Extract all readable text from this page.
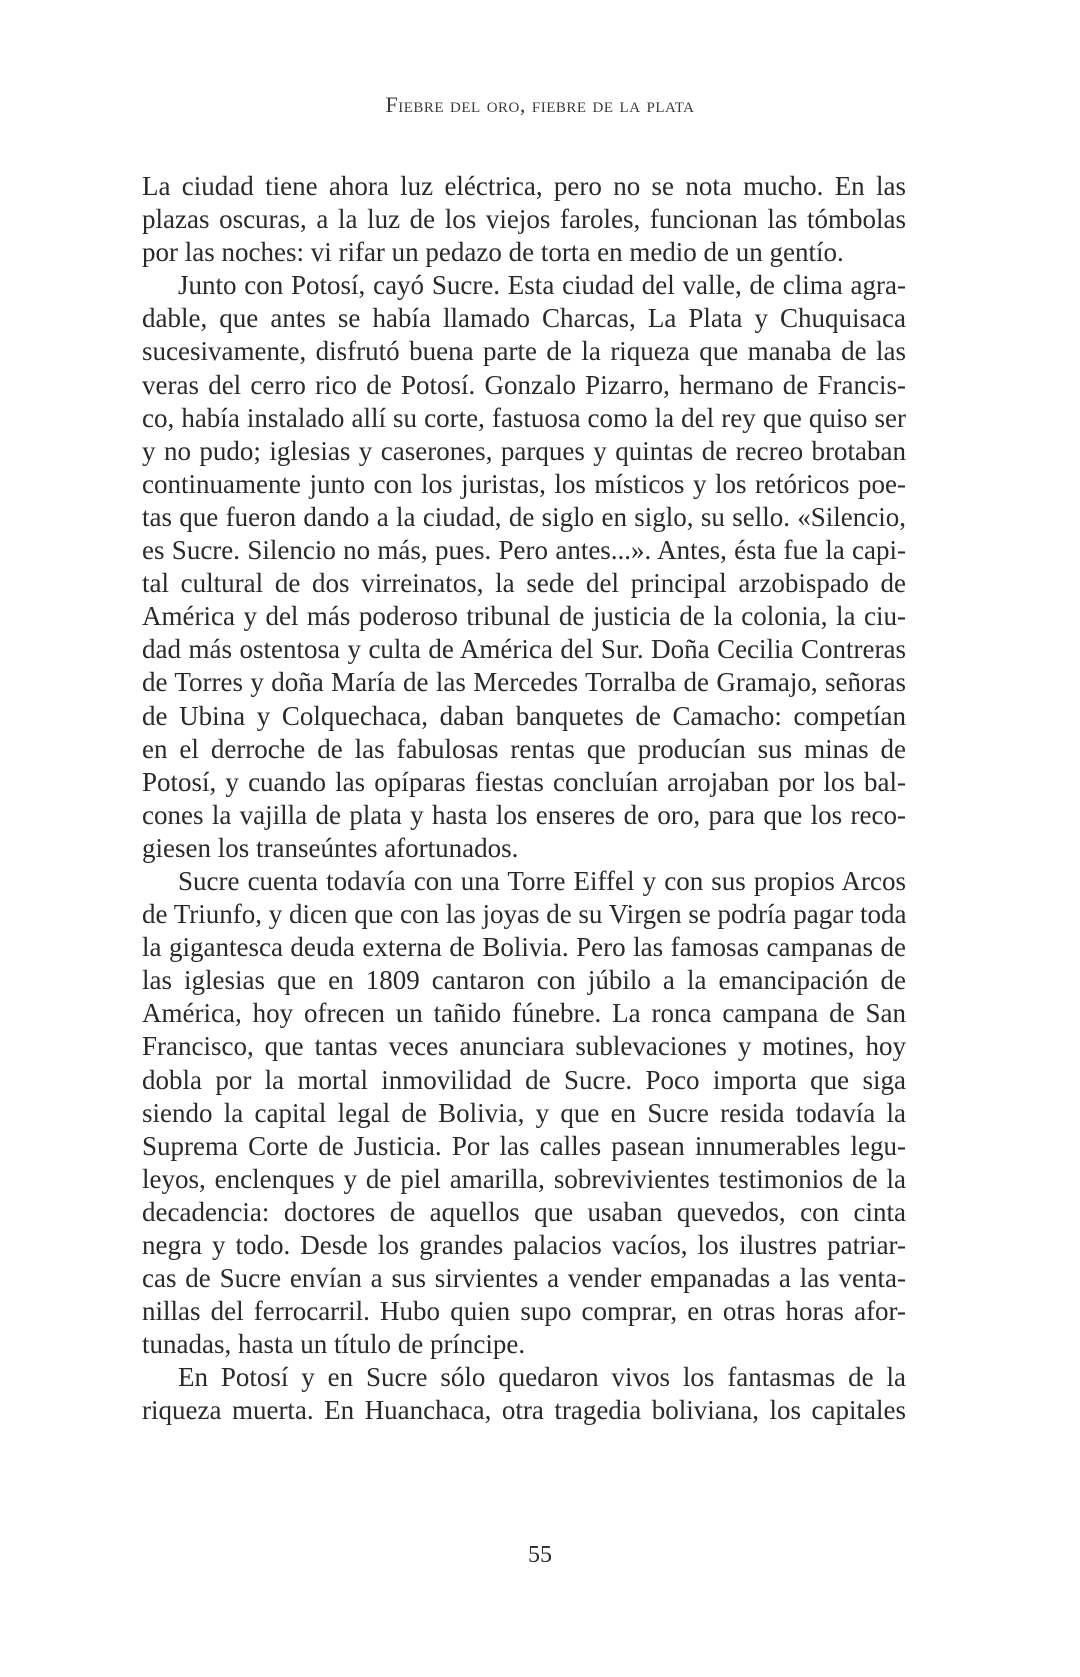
Fiebre del oro, fiebre de la plata
La ciudad tiene ahora luz eléctrica, pero no se nota mucho. En las
plazas oscuras, a la luz de los viejos faroles, funcionan las tómbolas
por las noches: vi rifar un pedazo de torta en medio de un gentío.
Junto con Potosí, cayó Sucre. Esta ciudad del valle, de clima agra-
dable, que antes se había llamado Charcas, La Plata y Chuquisaca
sucesivamente, disfrutó buena parte de la riqueza que manaba de las
veras del cerro rico de Potosí. Gonzalo Pizarro, hermano de Francis-
co, había instalado allí su corte, fastuosa como la del rey que quiso ser
y no pudo; iglesias y caserones, parques y quintas de recreo brotaban
continuamente junto con los juristas, los místicos y los retóricos poe-
tas que fueron dando a la ciudad, de siglo en siglo, su sello. «Silencio,
es Sucre. Silencio no más, pues. Pero antes...». Antes, ésta fue la capi-
tal cultural de dos virreinatos, la sede del principal arzobispado de
América y del más poderoso tribunal de justicia de la colonia, la ciu-
dad más ostentosa y culta de América del Sur. Doña Cecilia Contreras
de Torres y doña María de las Mercedes Torralba de Gramajo, señoras
de Ubina y Colquechaca, daban banquetes de Camacho: competían
en el derroche de las fabulosas rentas que producían sus minas de
Potosí, y cuando las opíparas fiestas concluían arrojaban por los bal-
cones la vajilla de plata y hasta los enseres de oro, para que los reco-
giesen los transeúntes afortunados.
Sucre cuenta todavía con una Torre Eiffel y con sus propios Arcos
de Triunfo, y dicen que con las joyas de su Virgen se podría pagar toda
la gigantesca deuda externa de Bolivia. Pero las famosas campanas de
las iglesias que en 1809 cantaron con júbilo a la emancipación de
América, hoy ofrecen un tañido fúnebre. La ronca campana de San
Francisco, que tantas veces anunciara sublevaciones y motines, hoy
dobla por la mortal inmovilidad de Sucre. Poco importa que siga
siendo la capital legal de Bolivia, y que en Sucre resida todavía la
Suprema Corte de Justicia. Por las calles pasean innumerables legu-
leyos, enclenques y de piel amarilla, sobrevivientes testimonios de la
decadencia: doctores de aquellos que usaban quevedos, con cinta
negra y todo. Desde los grandes palacios vacíos, los ilustres patriar-
cas de Sucre envían a sus sirvientes a vender empanadas a las venta-
nillas del ferrocarril. Hubo quien supo comprar, en otras horas afor-
tunadas, hasta un título de príncipe.
En Potosí y en Sucre sólo quedaron vivos los fantasmas de la
riqueza muerta. En Huanchaca, otra tragedia boliviana, los capitales
55
